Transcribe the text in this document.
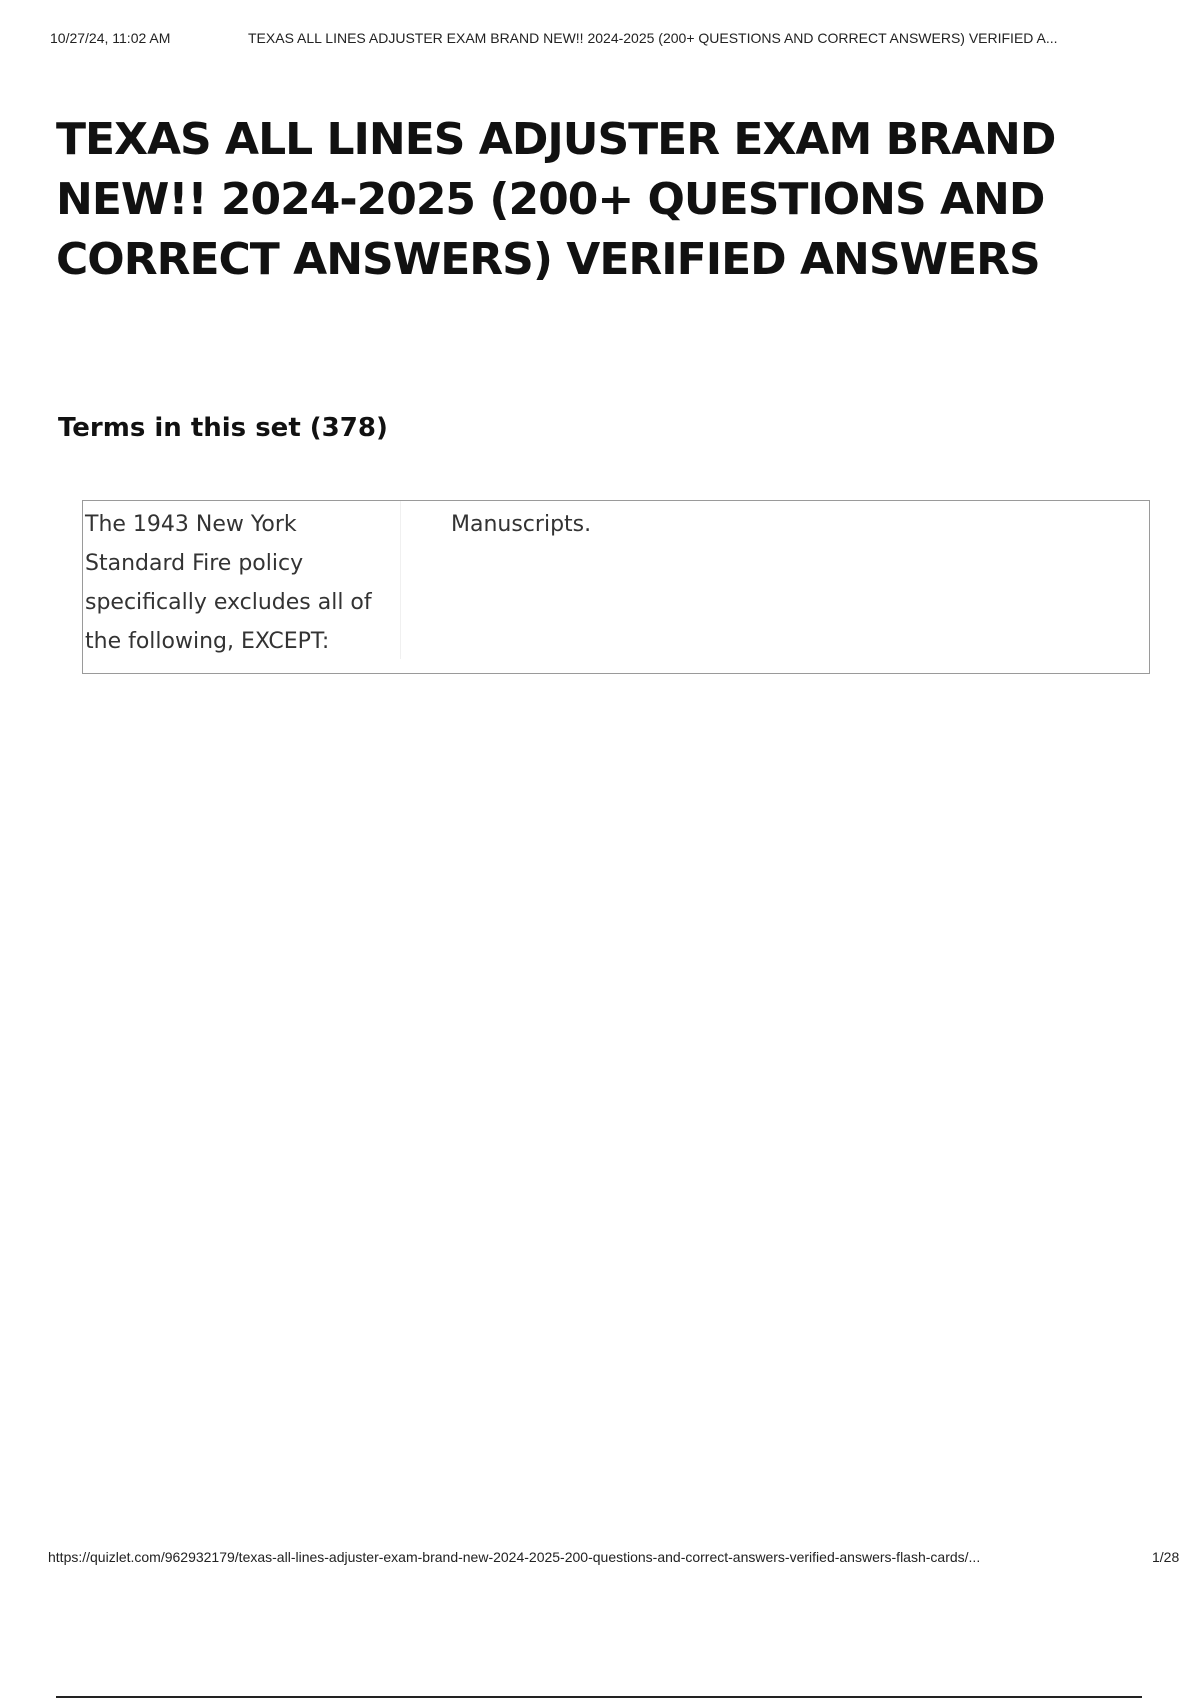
10/27/24, 11:02 AM	TEXAS ALL LINES ADJUSTER EXAM BRAND NEW!! 2024-2025 (200+ QUESTIONS AND CORRECT ANSWERS) VERIFIED A...
TEXAS ALL LINES ADJUSTER EXAM BRAND NEW!! 2024-2025 (200+ QUESTIONS AND CORRECT ANSWERS) VERIFIED ANSWERS
Terms in this set (378)
The 1943 New York Standard Fire policy specifically excludes all of the following, EXCEPT:
Manuscripts.
https://quizlet.com/962932179/texas-all-lines-adjuster-exam-brand-new-2024-2025-200-questions-and-correct-answers-verified-answers-flash-cards/...	1/28
